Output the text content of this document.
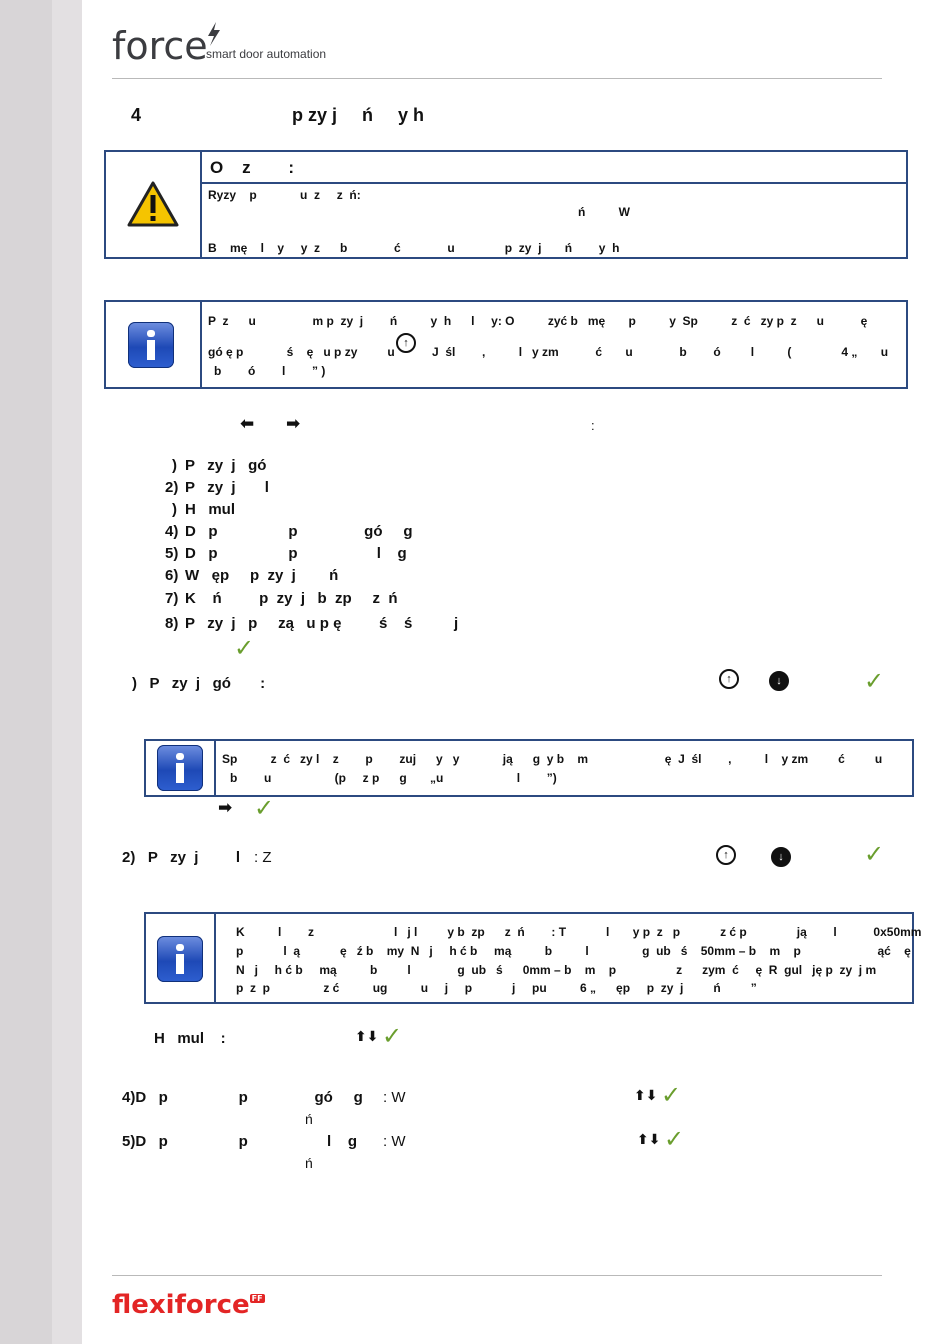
force
smart door automation
4	p zy j     ń     y h
O    z        :
Ryzy    p             u  z     z  ń:
ń          W
B    mę    l    y     y  z      b              ć              u               p  zy  j       ń        y  h
P  z      u                 m p  zy  j        ń          y  h      l     y: O          zyć b   mę       p          y  Sp          z  ć   zy p  z      u           ę
gó ę p             ś    ę   u p zy         u
↑
J  śl        ,          l   y zm           ć       u              b        ó         l          (               4 „       u
b        ó        l        ” )
⬅ ➡	:
) P   zy  j   gó
2) P   zy  j       l
) H   mul
4) D   p                 p                gó     g
5) D   p                 p                   l    g
6) W   ęp     p  zy  j        ń
7) K    ń         p  zy  j   b  zp     z  ń
8) P   zy  j   p     zą   u p ę         ś    ś          j
✓
)   P   zy  j   gó       :	↑	↓	✓
Sp          z  ć   zy l    z        p        zuj      y   y             ją      g  y b    m                       ę  J  śl        ,          l    y zm         ć         u
b        u                   (p     z p      g       „u                      l        ”)
➡ ✓
2)   P   zy  j         l : Z	↑	↓	✓
K          l        z                        l   j l         y b  zp      z  ń        : T            l       y p  z   p            z ć p               ją        l           0x50mm
p            l  ą            ę   ź b    my  N   j     h ć b     mą          b          l                g  ub   ś    50mm – b    m    p                       ąć    ę
N   j     h ć b     mą          b         l              g  ub   ś      0mm – b    m    p                  z      zym  ć     ę  R  gul   ję p  zy  j m
p  z  p                z ć          ug          u     j     p            j     pu          6 „      ęp     p  zy  j         ń         ”
H   mul    :	⬆⬇ ✓
4)D   p                 p                gó     g : W
ń
⬆⬇ ✓
5)D   p                 p                   l    g : W
ń
⬆⬇ ✓
flexiforce FF
